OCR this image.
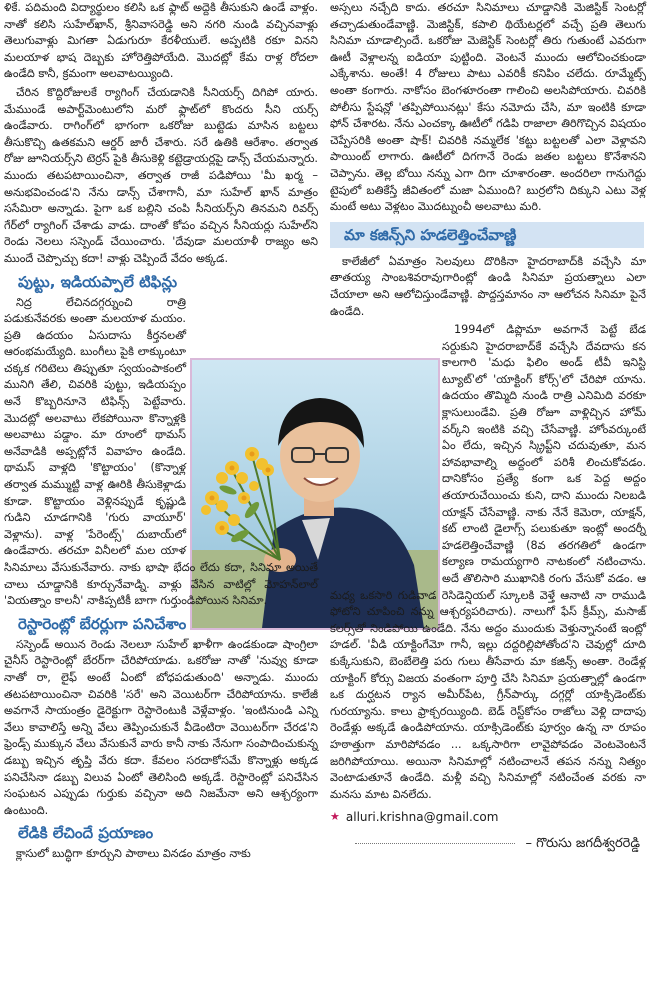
ళికే. పదిమంది విద్యార్థులం కలిసి ఒక ఫ్లాట్ అద్దెకి తీసుకుని ఉండే వాళ్లం. నాతో కలిసి సుహేల్‌ఖాన్, శ్రీనివాసరెడ్డి అని నగరి నుండి వచ్చినవాళ్లు తెలుగువాళ్లు మిగతా ఏడుగురూ కేరళీయులే. అప్పటికి రకూ వినని మలయాళ భాష దెబ్బకు హోరెత్తిపోయేది. మొదట్లో కేమ రాళ్ల రోదలా ఉండేది కానీ, క్రమంగా అలవాటయ్యింది.

చేరిన కొద్దిరోజులకే ర్యాగింగ్ చేయడానికి సీనియర్స్ దిగిపో యారు. మేముండే అపార్ట్‌మెంటులోని మరో ఫ్లాట్‌లో కొందరు సీని యర్స్ ఉండేవారు. రాగింగ్‌లో భాగంగా ఒకరోజు బుట్టెడు మాసిన బట్టలు తీసుకొచ్చి ఉతకమని ఆర్డర్ జారీ చేశారు. సరే ఉతికి ఆరేశాం. తర్వాత రోజు జూనియర్స్‌ని టెర్రస్ పైకి తీసుకెళ్లి కట్టెడ్రాయర్లపై డాన్స్ చేయమన్నారు. ముందు తటపటాయించినా, తర్వాత రాజీ పడిపోయి 'మీ ఖర్మ – అనుభవించండ'ని నేను డాన్స్ చేశాగానీ, మా సుహేల్ ఖాన్ మాత్రం ససేమిరా అన్నాడు. పైగా ఒక బల్లిని చంపి సీనియర్స్‌ని తినమని రివర్స్ గేర్‌లో ర్యాగింగ్ చేశాడు వాడు. దాంతో కోపం వచ్చిన సీనియర్లు సుహేల్‌ని రెండు నెలలు సస్పెండ్ చేయించారు. 'దేవుడా మలయాళీ రాజ్యం అని ముందే చెప్పొచ్చు కదా! వాళ్లు చెప్పిందే వేదం అక్కడ.

పుట్టు, ఇడియప్పాలే టిఫిన్లు

నిద్ర లేచినదగ్గర్నుంచి రాత్రి పడుకునేవరకు అంతా మలయాళ మయం. ప్రతి ఉదయం ఏసుదాసు కీర్తనలతో ఆరంభమయ్యేది. బుంగీలు పైకి లాక్కుంటూ చక్కక గరిటెలు తిప్పుతూ స్వయంపాకంలో మునిగి తేలి, చివరికి పుట్టు, ఇడియప్పం అనే కొబ్బరినూనె టిఫిన్స్ పెట్టేవారు. మొదట్లో అలవాటు లేకపోయినా కొన్నాళ్లకి అలవాటు పడ్డాం. మా రూంలో థామస్ అనేవాడికి అప్పట్లోనే వివాహం ఉండేది. థామస్ వాళ్లది 'కొట్టాయం' (కొన్నాళ్ల తర్వాత మమ్ముట్టి వాళ్ల ఊరికి తీసుకెళ్లాడు కూడా. కొట్టాయం వెళ్లినప్పుడే కృష్ణుడి గుడిని చూడగానికి 'గురు వాయూర్' వెళ్లాను). వాళ్ల 'పేరెంట్స్' దుబాయ్‌లో ఉండేవారు. తరచూ వినీలలో మల యాళ సినిమాలు వేసుకునేవారు. నాకు భాషా భేదం లేదు కదా, సినిమా అయితే చాలు చూడ్డానికి కూర్చునేవాడ్ని. వాళ్లు వేసిన వాటిల్లో మోహన్‌లాల్ 'వియత్నాం కాలనీ' నాకిప్పటికీ బాగా గుర్తుండిపోయిన సినిమా.

రెస్టారెంట్లో బేరర్లుగా పనిచేశాం

సస్పెండ్ అయిన రెండు నెలలూ సుహేల్ ఖాళీగా ఉండకుండా షాంగ్రిలా చైనీస్ రెస్టారెంట్లో బేరర్‌గా చేరిపోయాడు. ఒకరోజు నాతో 'నువ్వు కూడా నాతో రా, లైఫ్ అంటే ఏంటో బోధపడుతుంది' అన్నాడు. ముందు తటపటాయించినా చివరికి 'సరే' అని వెయిటర్‌గా చేరిపోయాను. కాలేజీ అవగానే సాయంత్రం డైరెక్టుగా రెస్టారెంటుకి వెళ్లేవాళ్లం. 'ఇంటినుండి ఎన్ని వేలు కావాలిస్తే అన్ని వేలు తెప్పించుకునే వీడెంటిరా వెయిటర్‌గా చేరడ'ని ఫ్రెండ్స్ ముక్కున వేలు వేసుకునే వారు కానీ నాకు నేనుగా సంపాదించుకున్న డబ్బు ఇచ్చిన తృప్తి వేరు కదా. కేవలం సరదాకోసమే కొన్నాళ్లు అక్కడ పనిచేసినా డబ్బు విలువ ఏంటో తెలిసింది అక్కడే. రెస్టారెంట్లో పనిచేసిన సంఘటన ఎప్పుడు గుర్తుకు వచ్చినా అది నిజమేనా అని ఆశ్చర్యంగా ఉంటుంది.

లేడికి లేచిందే ప్రయాణం

క్లాసులో బుద్ధిగా కూర్చుని పాఠాలు వినడం మాత్రం నాకు

అస్సలు నచ్చేది కాదు. తరచూ సినిమాలు చూడ్డానికి మెజిస్టిక్ సెంటర్లో తచ్చాడుతుండేవాణ్ణి. మెజిస్టిక్, కపాలి థియేటర్లలో వచ్చే ప్రతి తెలుగు సినిమా చూడాల్సిందే. ఒకరోజు మెజెస్టిక్ సెంటర్లో తిరు గుతుంటే ఎవరుగా ఊటీ వెళ్లాలన్న ఐడియా పుట్టింది. వెంటనే ముందు ఆలోచించకుండా ఎక్కేశాను. అంతే! 4 రోజులు పాటు ఎవరికీ కనిపిం చలేదు. రూమ్మేట్స్ అంతా కంగారు. నాకోసం బెంగళూరంతా గాలించి అలసిపోయారు. చివరికి పోలీసు స్టేషన్లో 'తప్పిపోయినట్లు' కేసు నమోదు చేసి, మా ఇంటికి కూడా ఫోన్ చేశారట. నేను ఎంచక్కా ఊటీలో గడిపి రాజాలా తిరిగొచ్చిన విషయం చెప్పేసరికి అంతా షాక్! చివరికి నమ్మలేక 'కట్టు బట్టలతో ఎలా వెళ్లావని పాయింట్ లాగారు. ఊటీలో దిగగానే రెండు జతల బట్టలు కొనేశానని చెప్పాను. తెల్ల బోయి నన్ను ఎగా దిగా చూశారంతా. అందరిలా గానుగెద్దు టైపులో బతికేస్తే జీవితంలో మజా ఏముంది? బుర్రలోని దిక్కుని ఎటు వెళ్ల మంటే అటు వెళ్లటం మొదట్నుంచీ అలవాటు మరి.

మా కజిన్స్‌ని హడలెత్తించేవాణ్ణి

కాలేజీలో ఏమాత్రం సెలవులు దొరికినా హైదరాబాద్‌కి వచ్చేసి మా తాతయ్య సాంబశివరావుగారింట్లో ఉండి సినిమా ప్రయత్నాలు ఎలా చేయాలా అని ఆలోచిస్తుండేవాణ్ణి. పొద్దస్తమానం నా ఆలోచన సినిమా పైనే ఉండేది.

1994లో డిప్లొమా అవగానే పెట్టే బేడ సర్దుకుని హైదరాబాద్‌కే వచ్చేసి దేవదాసు కన కాలగారి 'మధు ఫిలిం అండ్ టీవీ ఇనిస్టి ట్యూట్'లో 'యాక్టింగ్ కోర్స్'లో చేరిపో యాను. ఉదయం తొమ్మిది నుండి రాత్రి ఎనిమిది వరకూ క్లాసులుండేవి. ప్రతి రోజూ వాళ్లిచ్చిన హోమ్ వర్క్‌ని ఇంటికి వచ్చి చేసేవాణ్ణి. హోంవర్కుంటే ఏం లేదు, ఇచ్చిన స్క్రిప్ట్‌ని చదువుతూ, మన హావభావాల్ని అద్దంలో పరిశీ లించుకోవడం. దానికోసం ప్రత్యే కంగా ఒక పెద్ద అద్దం తయారుచేయించు కుని, దాని ముందు నిలబడి యాక్షన్ చేసేవాణ్ణి. నాకు నేనే కెమెరా, యాక్షన్, కట్ లాంటి డైలాగ్స్ పలుకుతూ ఇంట్లో అందర్నీ హడలెత్తించేవాణ్ణి (8వ తరగతిలో ఉండగా కల్యాణ రామయ్యగారి నాటకంలో నటించాను. అదే తొలిసారి ముఖానికి రంగు వేసుకో వడం. ఆ మధ్య ఒకసారి గుడివాడ రెసిడెన్షియల్ స్కూలకి వెళ్తే ఆనాటి నా రాముడి ఫోటోని చూపించి నన్ను ఆశ్చర్యపరిచారు). నాలుగో ఫేస్ క్రీమ్స్, మసాజ్ కలర్స్‌తో నిండిపోయి ఉండేది. నేను అద్దం ముందుకు వెళ్తున్నానంటే ఇంట్లో హడల్. 'వీడి యాక్టింగేమో గానీ, ఇల్లు దద్దరిల్లిపోతోంద'ని చెవుల్లో దూది కుక్కేసుకుని, బెంబేలెత్తి పరు గులు తీసేవారు మా కజిన్స్ అంతా. రెండేళ్ల యాక్టింగ్ కోర్సు విజయ వంతంగా పూర్తి చేసి సినిమా ప్రయత్నాల్లో ఉండగా ఒక దుర్ఘటన ర్యాన అమీర్‌పేట, గ్రీన్‌పార్కు దగ్గర్లో యాక్సిడెంట్‌కు గురయ్యాను. కాలు ఫ్రాక్చరయ్యింది. బెడ్ రెస్ట్‌కోసం రాజోలు వెళ్లి దాదాపు రెండేళ్లు అక్కడే ఉండిపోయాను. యాక్సిడెంట్‌కు పూర్వం ఉన్న నా రూపం హఠాత్తుగా మారిపోవడం ... ఒక్కసారిగా లావైపోవడం వెంటవెంటనే జరిగిపోయాయి. అయినా సినిమాల్లో నటించాలనే తపన నన్ను నిత్యం వెంటాడుతూనే ఉండేది. మళ్లీ వచ్చి సినిమాల్లో నటించేంత వరకు నా మనసు మాట వినలేదు.

★ alluri.krishna@gmail.com
– గొరుసు జగదీశ్వరరెడ్డి
